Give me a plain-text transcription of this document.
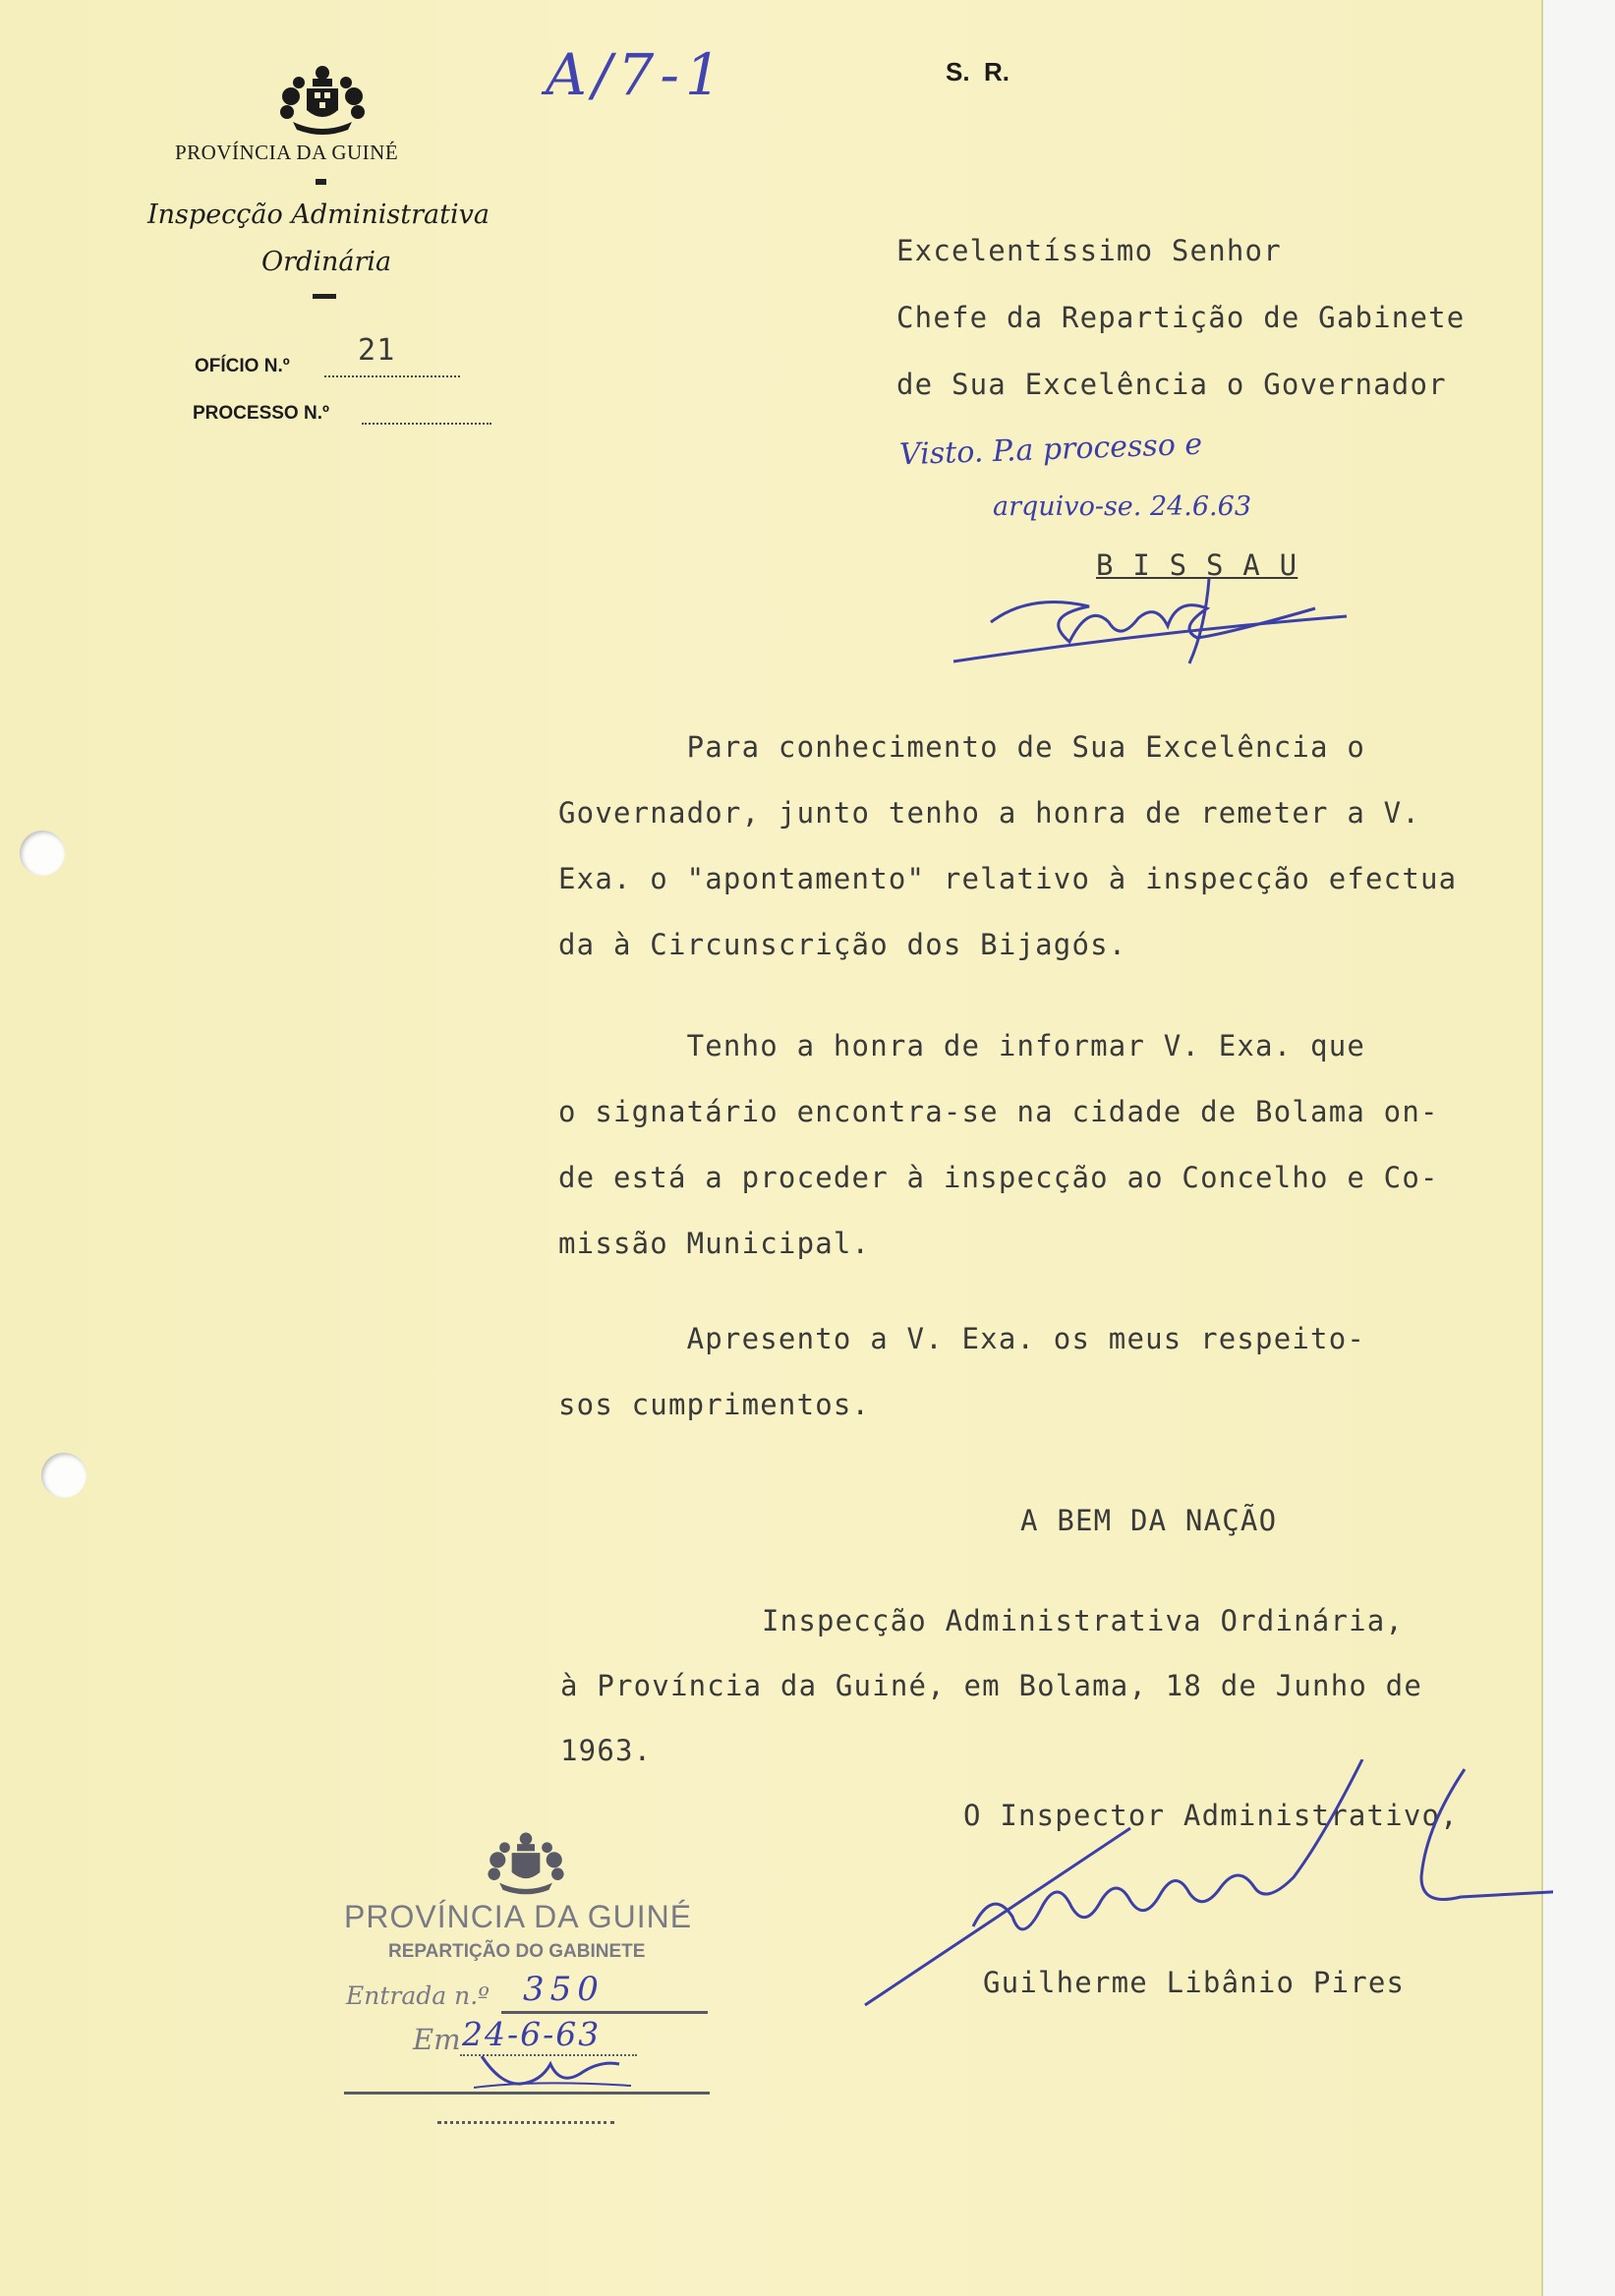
A/7-1	S.  R.
PROVÍNCIA DA GUINÉ
Inspecção Administrativa
Ordinária
OFÍCIO N.º 21
PROCESSO N.º
Excelentíssimo Senhor
Chefe da Repartição de Gabinete
de Sua Excelência o Governador
Visto. P.a processo e
arquivo-se. 24.6.63
B I S S A U
Para conhecimento de Sua Excelência o
Governador, junto tenho a honra de remeter a V.
Exa. o "apontamento" relativo à inspecção efectua
da à Circunscrição dos Bijagós.
Tenho a honra de informar V. Exa. que
o signatário encontra-se na cidade de Bolama on-
de está a proceder à inspecção ao Concelho e Co-
missão Municipal.
Apresento a V. Exa. os meus respeito-
sos cumprimentos.
A BEM DA NAÇÃO
Inspecção Administrativa Ordinária,
à Província da Guiné, em Bolama, 18 de Junho de
1963.
O Inspector Administrativo,
Guilherme Libânio Pires
PROVÍNCIA DA GUINÉ
REPARTIÇÃO DO GABINETE
Entrada n.º 350
Em 24-6-63
